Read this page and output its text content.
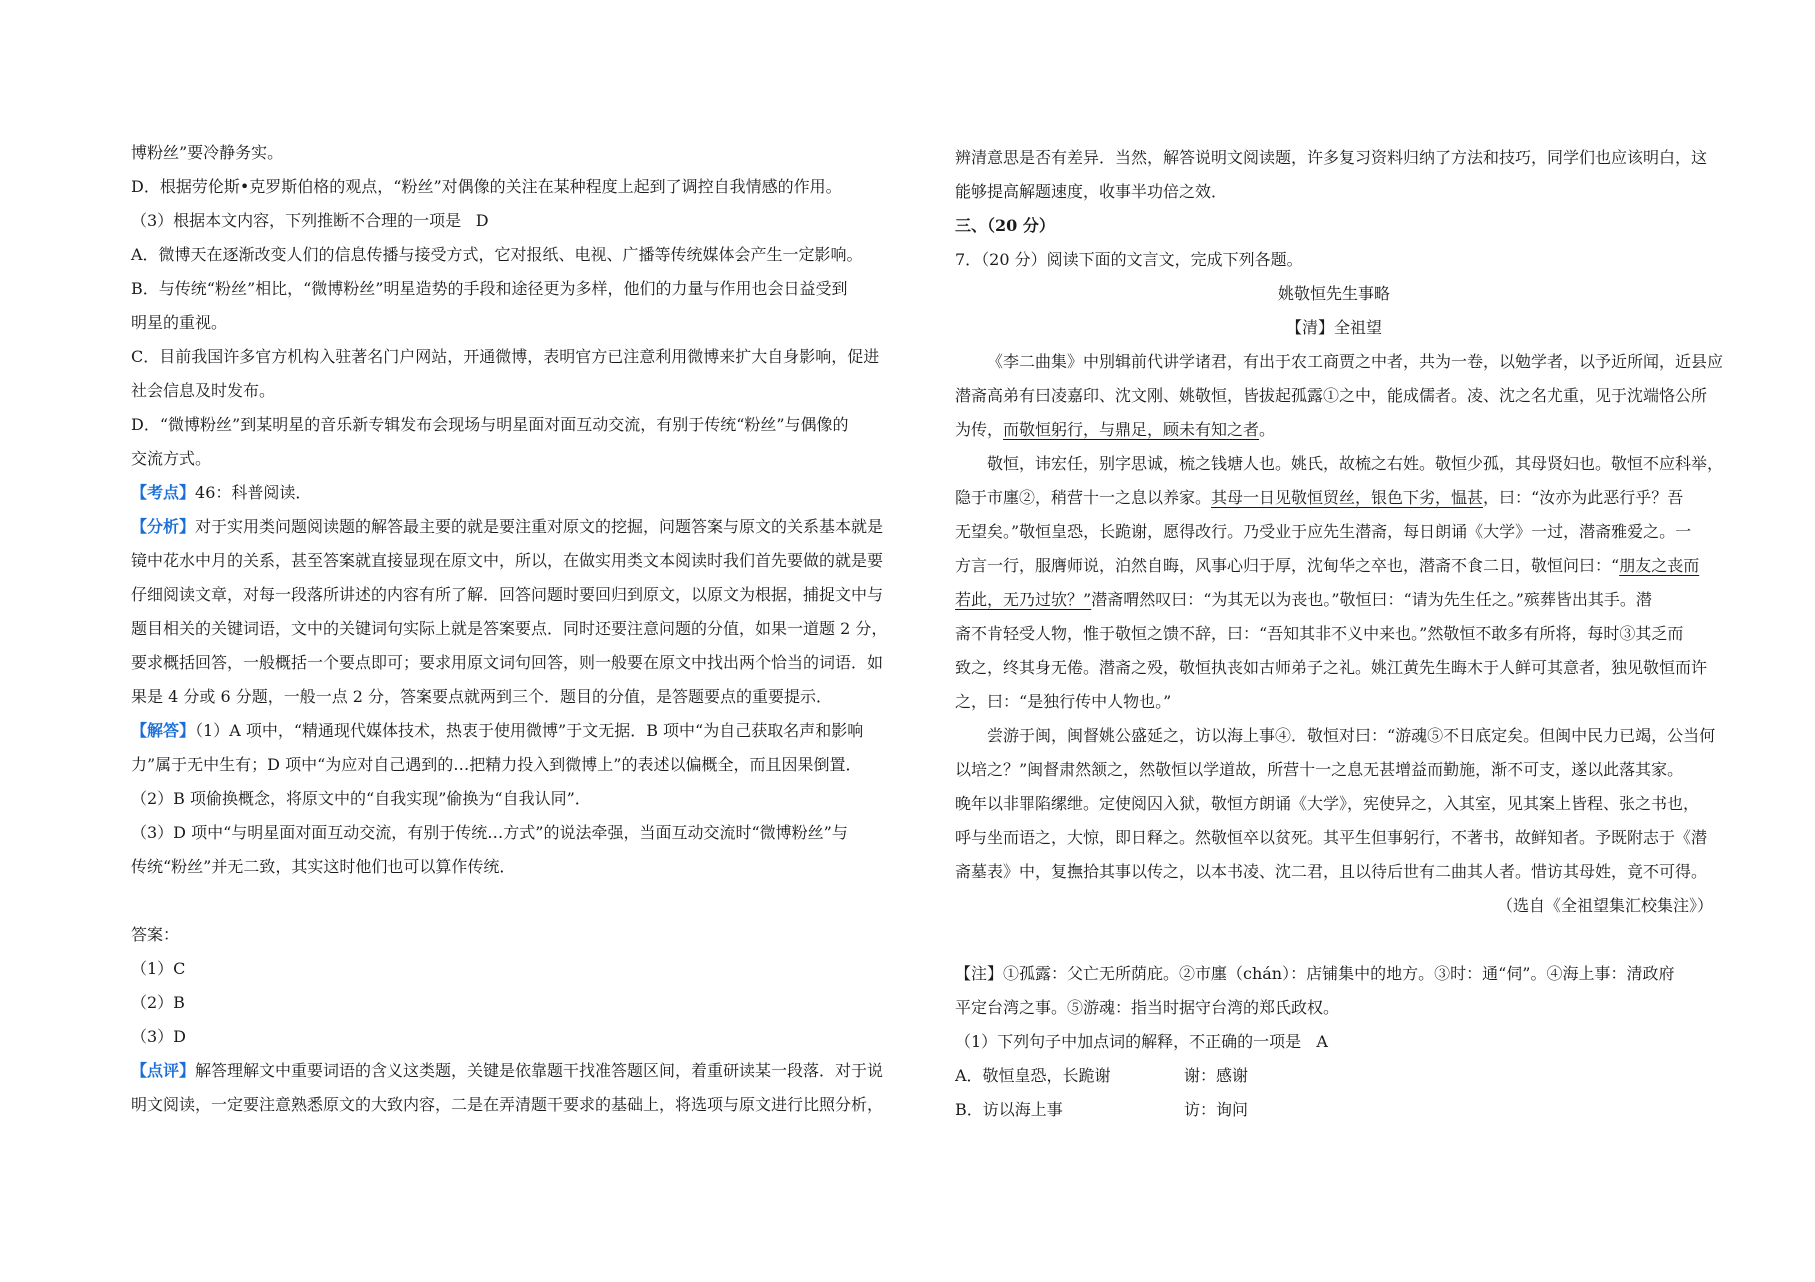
博粉丝”要冷静务实。

D．根据劳伦斯•克罗斯伯格的观点，“粉丝”对偶像的关注在某种程度上起到了调控自我情感的作用。

（3）根据本文内容，下列推断不合理的一项是 D

A．微博天在逐渐改变人们的信息传播与接受方式，它对报纸、电视、广播等传统媒体会产生一定影响。

B．与传统“粉丝”相比，“微博粉丝”明星造势的手段和途径更为多样，他们的力量与作用也会日益受到

明星的重视。

C．目前我国许多官方机构入驻著名门户网站，开通微博，表明官方已注意利用微博来扩大自身影响，促进

社会信息及时发布。

D．“微博粉丝”到某明星的音乐新专辑发布会现场与明星面对面互动交流，有别于传统“粉丝”与偶像的

交流方式。

【考点】46：科普阅读．

【分析】对于实用类问题阅读题的解答最主要的就是要注重对原文的挖掘，问题答案与原文的关系基本就是

镜中花水中月的关系，甚至答案就直接显现在原文中，所以，在做实用类文本阅读时我们首先要做的就是要

仔细阅读文章，对每一段落所讲述的内容有所了解．回答问题时要回归到原文，以原文为根据，捕捉文中与

题目相关的关键词语，文中的关键词句实际上就是答案要点．同时还要注意问题的分值，如果一道题 2 分，

要求概括回答，一般概括一个要点即可；要求用原文词句回答，则一般要在原文中找出两个恰当的词语．如

果是 4 分或 6 分题，一般一点 2 分，答案要点就两到三个．题目的分值，是答题要点的重要提示．

【解答】（1）A 项中，“精通现代媒体技术，热衷于使用微博”于文无据．B 项中“为自己获取名声和影响

力”属于无中生有；D 项中“为应对自己遇到的…把精力投入到微博上”的表述以偏概全，而且因果倒置．

（2）B 项偷换概念，将原文中的“自我实现”偷换为“自我认同”．

（3）D 项中“与明星面对面互动交流，有别于传统…方式”的说法牵强，当面互动交流时“微博粉丝”与

传统“粉丝”并无二致，其实这时他们也可以算作传统．

答案：

（1）C

（2）B

（3）D

【点评】解答理解文中重要词语的含义这类题，关键是依靠题干找准答题区间，着重研读某一段落．对于说

明文阅读，一定要注意熟悉原文的大致内容，二是在弄清题干要求的基础上，将选项与原文进行比照分析，

辨清意思是否有差异．当然，解答说明文阅读题，许多复习资料归纳了方法和技巧，同学们也应该明白，这

能够提高解题速度，收事半功倍之效．

三、（20 分）

7．（20 分）阅读下面的文言文，完成下列各题。

姚敬恒先生事略

【清】全祖望

《李二曲集》中別辑前代讲学诸君，有出于农工商贾之中者，共为一卷，以勉学者，以予近所闻，近县应

潜斋高弟有曰凌嘉印、沈文刚、姚敬恒，皆拔起孤露①之中，能成儒者。凌、沈之名尤重，见于沈端恪公所

为传，而敬恒躬行，与鼎足，顾未有知之者。

敬恒，讳宏任，别字思诚，梳之钱塘人也。姚氏，故梳之右姓。敬恒少孤，其母贤妇也。敬恒不应科举，

隐于市廛②，稍营十一之息以养家。其母一日见敬恒贸丝，银色下劣，愠甚，曰：“汝亦为此恶行乎？吾

无望矣。”敬恒皇恐，长跪谢，愿得改行。乃受业于应先生潜斋，每日朗诵《大学》一过，潜斋雅爱之。一

方言一行，服膺师说，泊然自晦，风事心归于厚，沈甸华之卒也，潜斋不食二日，敬恒问曰：“朋友之丧而

若此，无乃过欤？”潜斋喟然叹曰：“为其无以为丧也。”敬恒曰：“请为先生任之。”殡葬皆出其手。潜

斋不肯轻受人物，惟于敬恒之馈不辞，曰：“吾知其非不义中来也。”然敬恒不敢多有所将，每时③其乏而

致之，终其身无倦。潜斋之殁，敬恒执丧如古师弟子之礼。姚江黄先生晦木于人鲜可其意者，独见敬恒而许

之，曰：“是独行传中人物也。”

尝游于闽，闽督姚公盛延之，访以海上事④．敬恒对曰：“游魂⑤不日底定矣。但闽中民力已竭，公当何

以培之？”闽督肃然颔之，然敬恒以学道故，所营十一之息无甚增益而勤施，渐不可支，遂以此落其家。

晚年以非罪陷缧绁。定使阅囚入狱，敬恒方朗诵《大学》，宪使异之，入其室，见其案上皆程、张之书也，

呼与坐而语之，大惊，即日释之。然敬恒卒以贫死。其平生但事躬行，不著书，故鲜知者。予既附志于《潜

斋墓表》中，复撫拾其事以传之，以本书凌、沈二君，且以待后世有二曲其人者。惜访其母姓，竟不可得。

（选自《全祖望集汇校集注》）

【注】①孤露：父亡无所荫庇。②市廛（chán）：店铺集中的地方。③时：通“伺”。④海上事：清政府

平定台湾之事。⑤游魂：指当时据守台湾的郑氏政权。

（1）下列句子中加点词的解释，不正确的一项是 A

A．敬恒皇恐，长跪谢	谢：感谢
B．访以海上事	访：询问
